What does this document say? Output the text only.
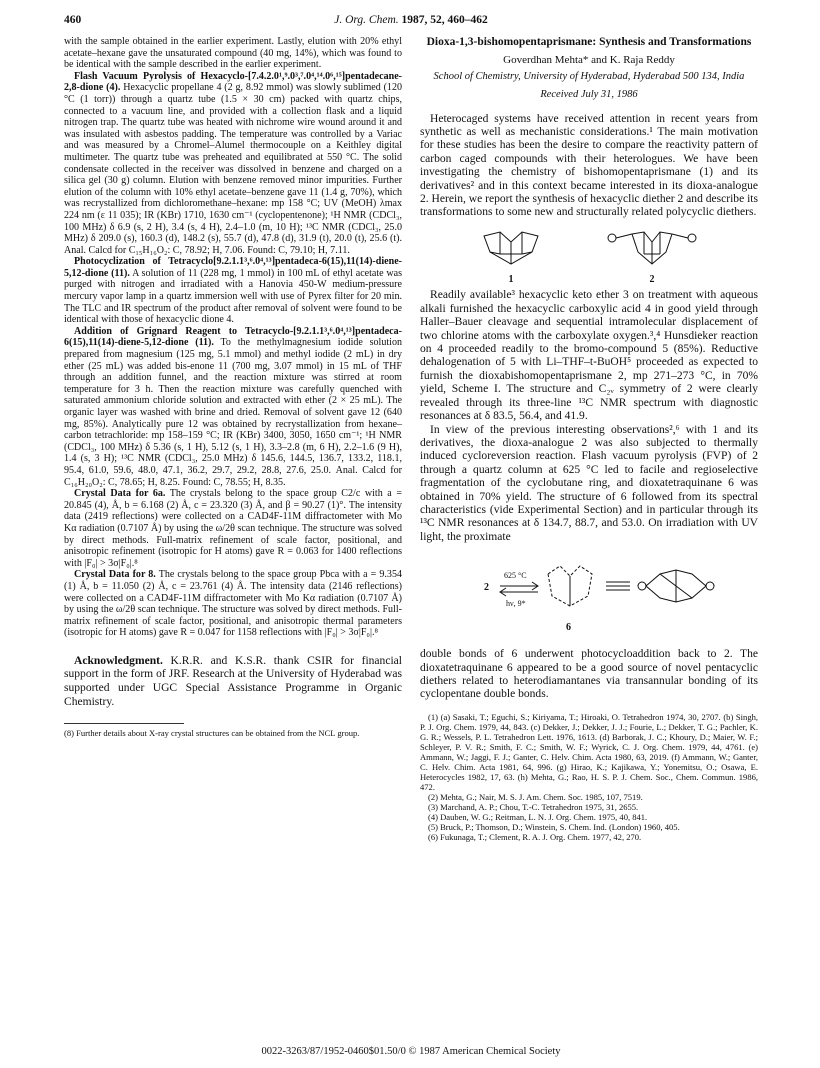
460	J. Org. Chem. 1987, 52, 460–462

with the sample obtained in the earlier experiment. Lastly, elution with 20% ethyl acetate–hexane gave the unsaturated compound (40 mg, 14%), which was found to be identical with the sample described in the earlier experiment.

Flash Vacuum Pyrolysis of Hexacyclo-[7.4.2.0¹,⁹.0³,⁷.0⁴,¹⁴.0⁶,¹⁵]pentadecane-2,8-dione (4). Hexacyclic propellane 4 (2 g, 8.92 mmol) was slowly sublimed (120 °C (1 torr)) through a quartz tube (1.5 × 30 cm) packed with quartz chips, connected to a vacuum line, and provided with a collection flask and a liquid nitrogen trap. The quartz tube was heated with nichrome wire wound around it and was insulated with asbestos padding. The temperature was controlled by a Variac and was measured by a Chromel–Alumel thermocouple on a Keithley digital multimeter. The quartz tube was preheated and equilibrated at 550 °C. The solid condensate collected in the receiver was dissolved in benzene and charged on a silica gel (30 g) column. Elution with benzene removed minor impurities. Further elution of the column with 10% ethyl acetate–benzene gave 11 (1.4 g, 70%), which was recrystallized from dichloromethane–hexane: mp 158 °C; UV (MeOH) λmax 224 nm (ε 11 035); IR (KBr) 1710, 1630 cm⁻¹ (cyclopentenone); ¹H NMR (CDCl₃, 100 MHz) δ 6.9 (s, 2 H), 3.4 (s, 4 H), 2.4–1.0 (m, 10 H); ¹³C NMR (CDCl₃, 25.0 MHz) δ 209.0 (s), 160.3 (d), 148.2 (s), 55.7 (d), 47.8 (d), 31.9 (t), 20.0 (t), 25.6 (t). Anal. Calcd for C₁₅H₁₆O₂: C, 78.92; H, 7.06. Found: C, 79.10; H, 7.11.

Photocyclization of Tetracyclo[9.2.1.1³,⁶.0⁴,¹³]pentadeca-6(15),11(14)-diene-5,12-dione (11). A solution of 11 (228 mg, 1 mmol) in 100 mL of ethyl acetate was purged with nitrogen and irradiated with a Hanovia 450-W medium-pressure mercury vapor lamp in a quartz immersion well with use of Pyrex filter for 20 min. The TLC and IR spectrum of the product after removal of solvent were found to be identical with those of hexacyclic dione 4.

Addition of Grignard Reagent to Tetracyclo-[9.2.1.1³,⁶.0⁴,¹³]pentadeca-6(15),11(14)-diene-5,12-dione (11). To the methylmagnesium iodide solution prepared from magnesium (125 mg, 5.1 mmol) and methyl iodide (2 mL) in dry ether (25 mL) was added bis-enone 11 (700 mg, 3.07 mmol) in 15 mL of THF through an addition funnel, and the reaction mixture was stirred at room temperature for 3 h. Then the reaction mixture was carefully quenched with saturated ammonium chloride solution and extracted with ether (2 × 25 mL). The organic layer was washed with brine and dried. Removal of solvent gave 12 (640 mg, 85%). Analytically pure 12 was obtained by recrystallization from hexane–carbon tetrachloride: mp 158–159 °C; IR (KBr) 3400, 3050, 1650 cm⁻¹; ¹H NMR (CDCl₃, 100 MHz) δ 5.36 (s, 1 H), 5.12 (s, 1 H), 3.3–2.8 (m, 6 H), 2.2–1.6 (9 H), 1.4 (s, 3 H); ¹³C NMR (CDCl₃, 25.0 MHz) δ 145.6, 144.5, 136.7, 133.2, 118.1, 95.4, 61.0, 59.6, 48.0, 47.1, 36.2, 29.7, 29.2, 28.8, 27.6, 25.0. Anal. Calcd for C₁₆H₂₀O₂: C, 78.65; H, 8.25. Found: C, 78.55; H, 8.35.

Crystal Data for 6a. The crystals belong to the space group C2/c with a = 20.845 (4), Å, b = 6.168 (2) Å, c = 23.320 (3) Å, and β = 90.27 (1)°. The intensity data (2419 reflections) were collected on a CAD4F-11M diffractometer with Mo Kα radiation (0.7107 Å) by using the ω/2θ scan technique. The structure was solved by direct methods. Full-matrix refinement of scale factor, positional, and anisotropic refinement (isotropic for H atoms) gave R = 0.063 for 1400 reflections with |F₀| > 3σ|F₀|.⁸

Crystal Data for 8. The crystals belong to the space group Pbca with a = 9.354 (1) Å, b = 11.050 (2) Å, c = 23.761 (4) Å. The intensity data (2146 reflections) were collected on a CAD4F-11M diffractometer with Mo Kα radiation (0.7107 Å) by using the ω/2θ scan technique. The structure was solved by direct methods. Full-matrix refinement of scale factor, positional, and anisotropic thermal parameters (isotropic for H atoms) gave R = 0.047 for 1158 reflections with |F₀| > 3σ|F₀|.⁸

Acknowledgment. K.R.R. and K.S.R. thank CSIR for financial support in the form of JRF. Research at the University of Hyderabad was supported under UGC Special Assistance Programme in Organic Chemistry.

(8) Further details about X-ray crystal structures can be obtained from the NCL group.

Dioxa-1,3-bishomopentaprismane: Synthesis and Transformations

Goverdhan Mehta* and K. Raja Reddy

School of Chemistry, University of Hyderabad, Hyderabad 500 134, India

Received July 31, 1986

Heterocaged systems have received attention in recent years from synthetic as well as mechanistic considerations.¹ The main motivation for these studies has been the desire to compare the reactivity pattern of carbon caged compounds with their heterologues. We have been investigating the chemistry of bishomopentaprismane (1) and its derivatives² and in this context became interested in its dioxa-analogue 2. Herein, we report the synthesis of hexacyclic diether 2 and describe its transformations to some new and structurally related polycyclic diethers.

1	2

Readily available³ hexacyclic keto ether 3 on treatment with aqueous alkali furnished the hexacyclic carboxylic acid 4 in good yield through Haller–Bauer cleavage and sequential intramolecular displacement of two chlorine atoms with the carboxylate oxygen.³,⁴ Hunsdieker reaction on 4 proceeded readily to the bromo-compound 5 (85%). Reductive dehalogenation of 5 with Li–THF–t-BuOH⁵ proceeded as expected to furnish the dioxabishomopentaprismane 2, mp 271–273 °C, in 70% yield, Scheme I. The structure and C₂ᵥ symmetry of 2 were clearly revealed through its three-line ¹³C NMR spectrum with diagnostic resonances at δ 83.5, 56.4, and 41.9.

In view of the previous interesting observations²,⁶ with 1 and its derivatives, the dioxa-analogue 2 was also subjected to thermally induced cycloreversion reaction. Flash vacuum pyrolysis (FVP) of 2 through a quartz column at 625 °C led to facile and regioselective fragmentation of the cyclobutane ring, and dioxatetraquinane 6 was obtained in 70% yield. The structure of 6 followed from its spectral characteristics (vide Experimental Section) and in particular through its ¹³C NMR resonances at δ 134.7, 88.7, and 53.0. On irradiation with UV light, the proximate

2
625 °C
hν, 9*
6

double bonds of 6 underwent photocycloaddition back to 2. The dioxatetraquinane 6 appeared to be a good source of novel pentacyclic diethers related to heterodiamantanes via transannular bonding of its cyclopentane double bonds.

(1) (a) Sasaki, T.; Eguchi, S.; Kiriyama, T.; Hiroaki, O. Tetrahedron 1974, 30, 2707. (b) Singh, P. J. Org. Chem. 1979, 44, 843. (c) Dekker, J.; Dekker, J. J.; Fourie, L.; Dekker, T. G.; Pachler, K. G. R.; Wessels, P. L. Tetrahedron Lett. 1976, 1613. (d) Barborak, J. C.; Khoury, D.; Maier, W. F.; Schleyer, P. V. R.; Smith, F. C.; Smith, W. F.; Wyrick, C. J. Org. Chem. 1979, 44, 4761. (e) Ammann, W.; Jaggi, F. J.; Ganter, C. Helv. Chim. Acta 1980, 63, 2019. (f) Ammann, W.; Ganter, C. Helv. Chim. Acta 1981, 64, 996. (g) Hirao, K.; Kajikawa, Y.; Yonemitsu, O.; Osawa, E. Heterocycles 1982, 17, 63. (h) Mehta, G.; Rao, H. S. P. J. Chem. Soc., Chem. Commun. 1986, 472.

(2) Mehta, G.; Nair, M. S. J. Am. Chem. Soc. 1985, 107, 7519.

(3) Marchand, A. P.; Chou, T.-C. Tetrahedron 1975, 31, 2655.

(4) Dauben, W. G.; Reitman, L. N. J. Org. Chem. 1975, 40, 841.

(5) Bruck, P.; Thomson, D.; Winstein, S. Chem. Ind. (London) 1960, 405.

(6) Fukunaga, T.; Clement, R. A. J. Org. Chem. 1977, 42, 270.

0022-3263/87/1952-0460$01.50/0 © 1987 American Chemical Society
